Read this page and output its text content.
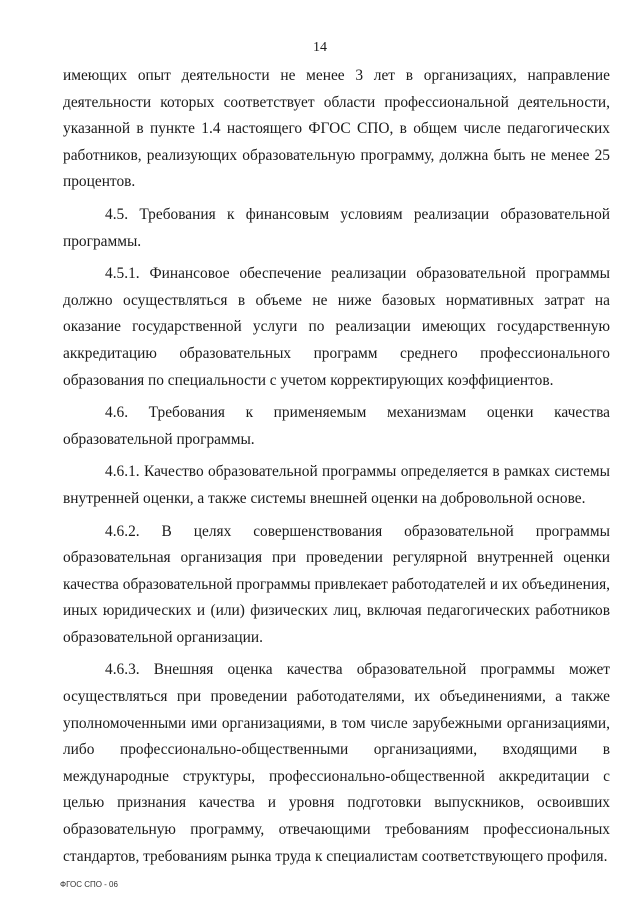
14

имеющих опыт деятельности не менее 3 лет в организациях, направление деятельности которых соответствует области профессиональной деятельности, указанной в пункте 1.4 настоящего ФГОС СПО, в общем числе педагогических работников, реализующих образовательную программу, должна быть не менее 25 процентов.

4.5. Требования к финансовым условиям реализации образовательной программы.

4.5.1. Финансовое обеспечение реализации образовательной программы должно осуществляться в объеме не ниже базовых нормативных затрат на оказание государственной услуги по реализации имеющих государственную аккредитацию образовательных программ среднего профессионального образования по специальности с учетом корректирующих коэффициентов.

4.6. Требования к применяемым механизмам оценки качества образовательной программы.

4.6.1. Качество образовательной программы определяется в рамках системы внутренней оценки, а также системы внешней оценки на добровольной основе.

4.6.2. В целях совершенствования образовательной программы образовательная организация при проведении регулярной внутренней оценки качества образовательной программы привлекает работодателей и их объединения, иных юридических и (или) физических лиц, включая педагогических работников образовательной организации.

4.6.3. Внешняя оценка качества образовательной программы может осуществляться при проведении работодателями, их объединениями, а также уполномоченными ими организациями, в том числе зарубежными организациями, либо профессионально-общественными организациями, входящими в международные структуры, профессионально-общественной аккредитации с целью признания качества и уровня подготовки выпускников, освоивших образовательную программу, отвечающими требованиям профессиональных стандартов, требованиям рынка труда к специалистам соответствующего профиля.

ФГОС СПО - 06
